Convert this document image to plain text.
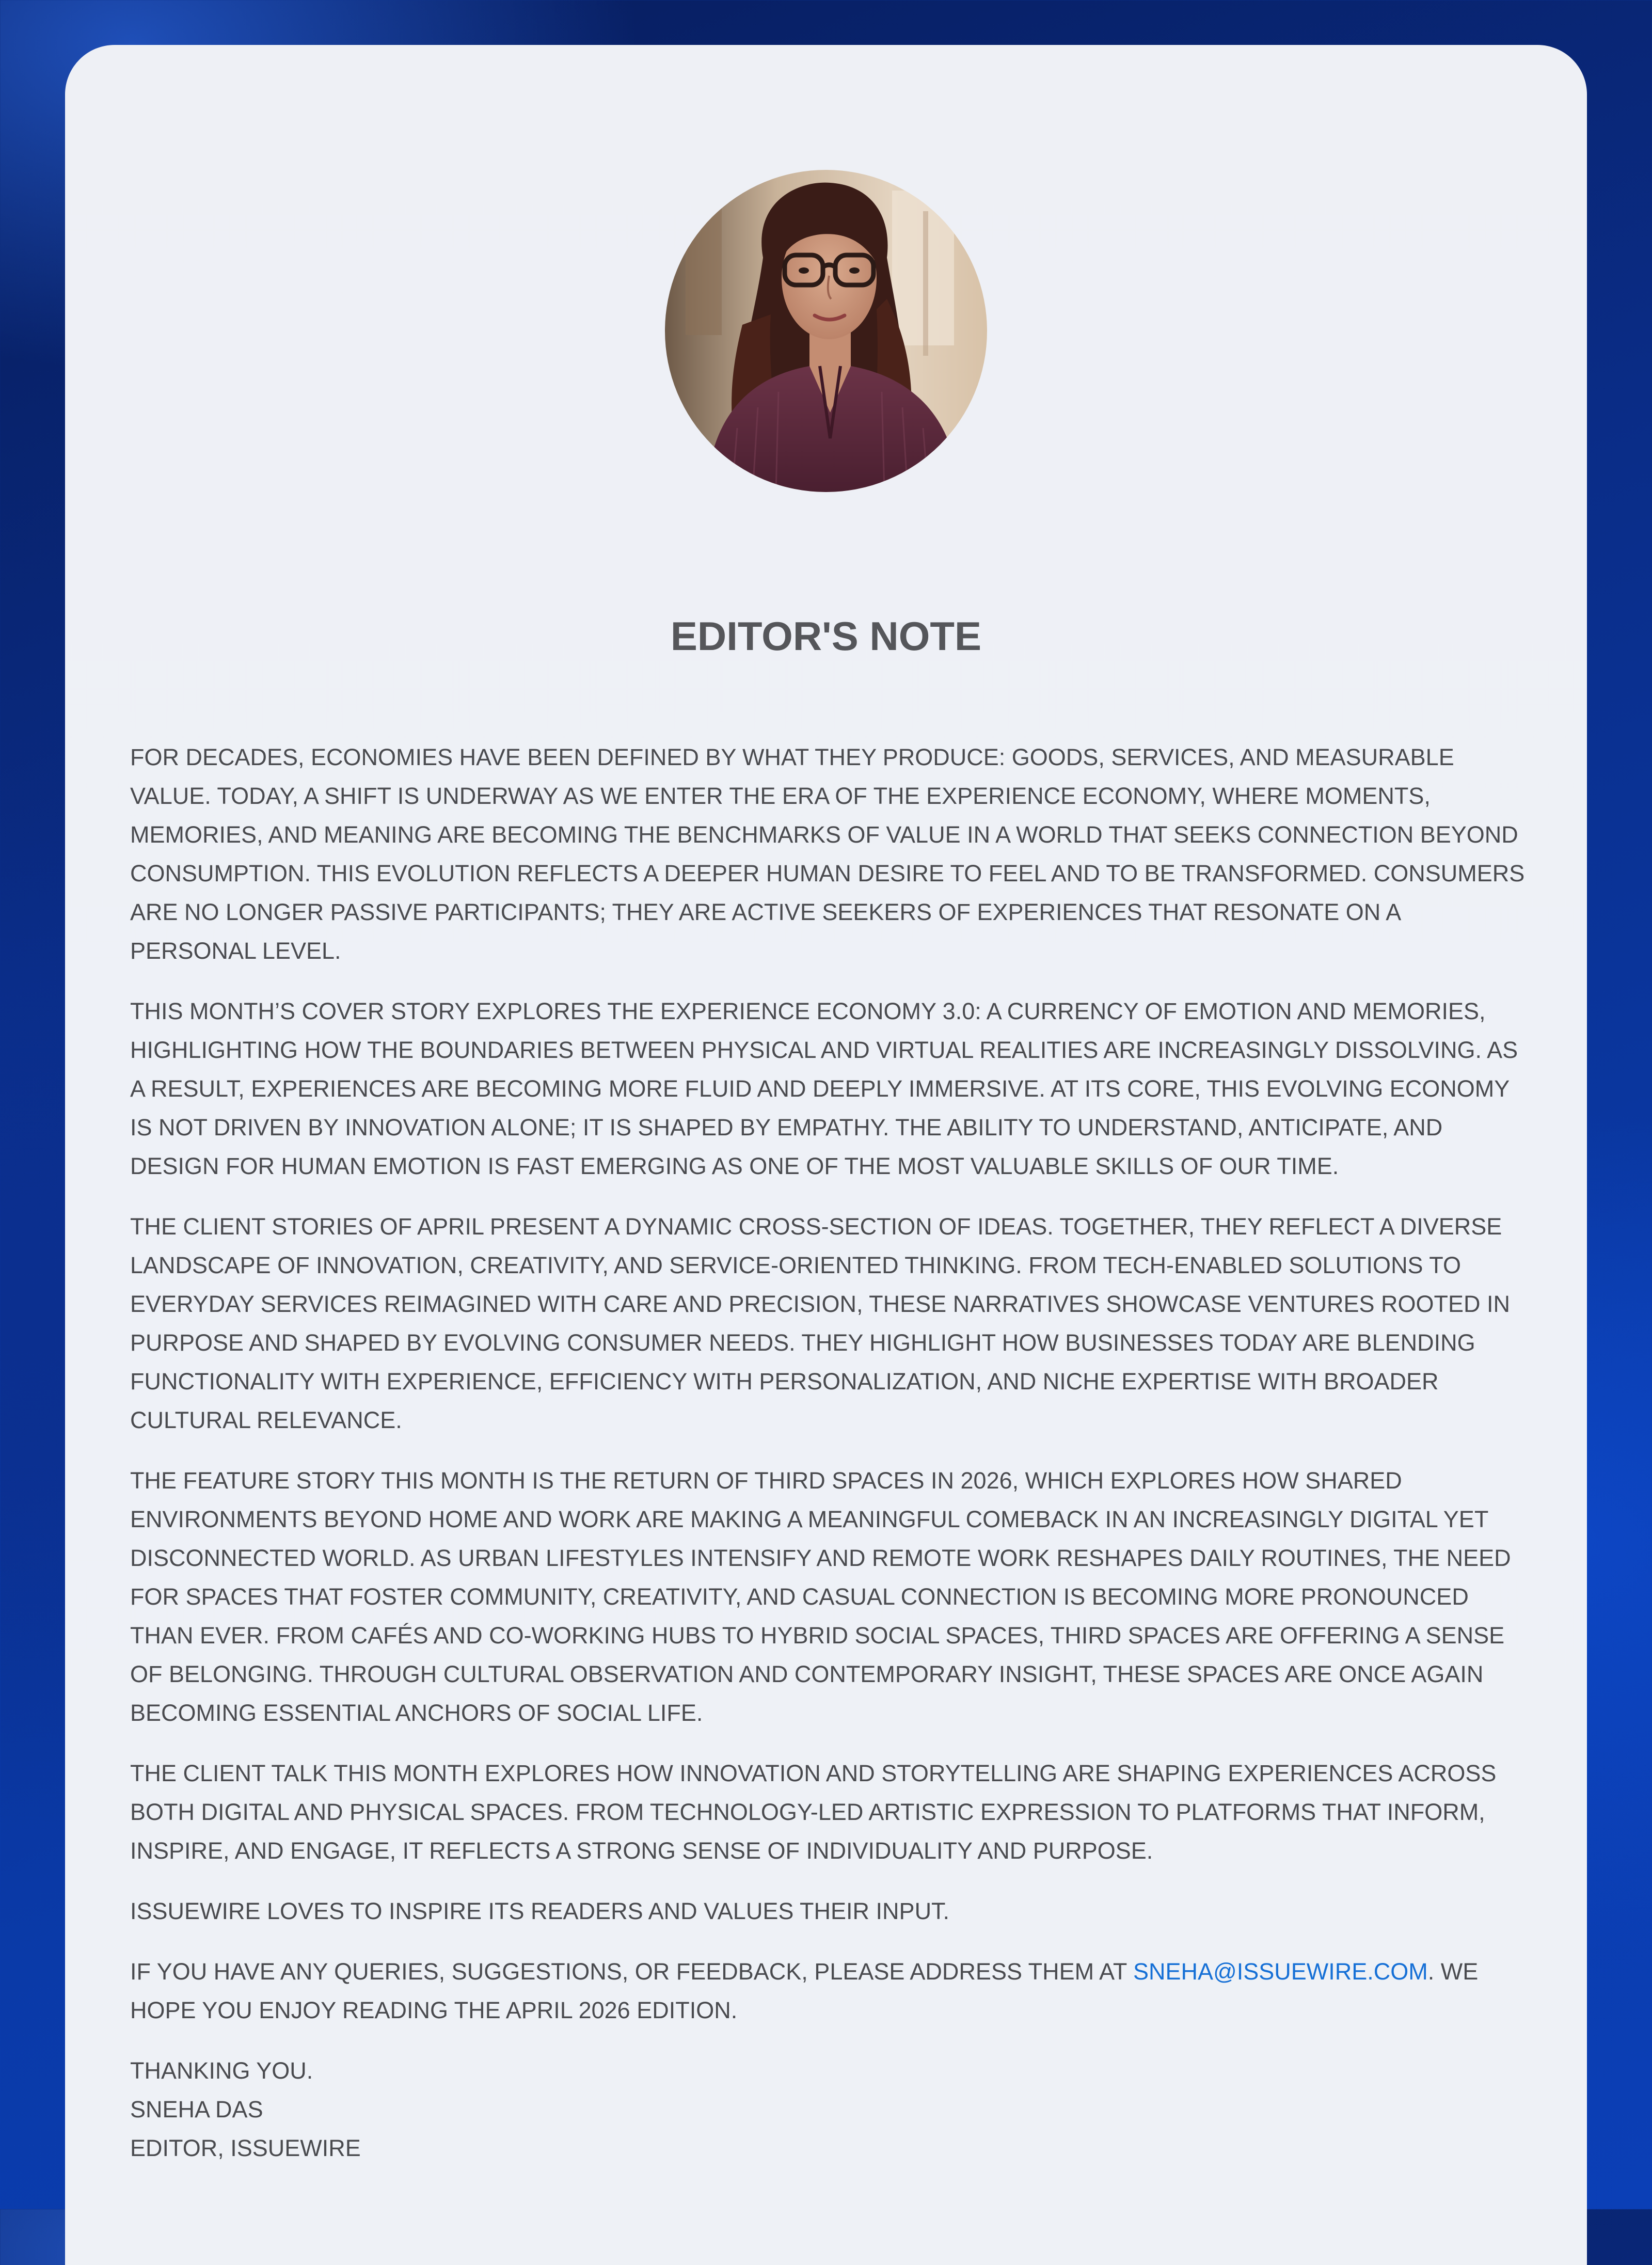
EDITOR'S NOTE

FOR DECADES, ECONOMIES HAVE BEEN DEFINED BY WHAT THEY PRODUCE: GOODS, SERVICES, AND MEASURABLE VALUE. TODAY, A SHIFT IS UNDERWAY AS WE ENTER THE ERA OF THE EXPERIENCE ECONOMY, WHERE MOMENTS, MEMORIES, AND MEANING ARE BECOMING THE BENCHMARKS OF VALUE IN A WORLD THAT SEEKS CONNECTION BEYOND CONSUMPTION. THIS EVOLUTION REFLECTS A DEEPER HUMAN DESIRE TO FEEL AND TO BE TRANSFORMED. CONSUMERS ARE NO LONGER PASSIVE PARTICIPANTS; THEY ARE ACTIVE SEEKERS OF EXPERIENCES THAT RESONATE ON A PERSONAL LEVEL.

THIS MONTH’S COVER STORY EXPLORES THE EXPERIENCE ECONOMY 3.0: A CURRENCY OF EMOTION AND MEMORIES, HIGHLIGHTING HOW THE BOUNDARIES BETWEEN PHYSICAL AND VIRTUAL REALITIES ARE INCREASINGLY DISSOLVING. AS A RESULT, EXPERIENCES ARE BECOMING MORE FLUID AND DEEPLY IMMERSIVE. AT ITS CORE, THIS EVOLVING ECONOMY IS NOT DRIVEN BY INNOVATION ALONE; IT IS SHAPED BY EMPATHY. THE ABILITY TO UNDERSTAND, ANTICIPATE, AND DESIGN FOR HUMAN EMOTION IS FAST EMERGING AS ONE OF THE MOST VALUABLE SKILLS OF OUR TIME.

THE CLIENT STORIES OF APRIL PRESENT A DYNAMIC CROSS-SECTION OF IDEAS. TOGETHER, THEY REFLECT A DIVERSE LANDSCAPE OF INNOVATION, CREATIVITY, AND SERVICE-ORIENTED THINKING. FROM TECH-ENABLED SOLUTIONS TO EVERYDAY SERVICES REIMAGINED WITH CARE AND PRECISION, THESE NARRATIVES SHOWCASE VENTURES ROOTED IN PURPOSE AND SHAPED BY EVOLVING CONSUMER NEEDS. THEY HIGHLIGHT HOW BUSINESSES TODAY ARE BLENDING FUNCTIONALITY WITH EXPERIENCE, EFFICIENCY WITH PERSONALIZATION, AND NICHE EXPERTISE WITH BROADER CULTURAL RELEVANCE.

THE FEATURE STORY THIS MONTH IS THE RETURN OF THIRD SPACES IN 2026, WHICH EXPLORES HOW SHARED ENVIRONMENTS BEYOND HOME AND WORK ARE MAKING A MEANINGFUL COMEBACK IN AN INCREASINGLY DIGITAL YET DISCONNECTED WORLD. AS URBAN LIFESTYLES INTENSIFY AND REMOTE WORK RESHAPES DAILY ROUTINES, THE NEED FOR SPACES THAT FOSTER COMMUNITY, CREATIVITY, AND CASUAL CONNECTION IS BECOMING MORE PRONOUNCED THAN EVER. FROM CAFÉS AND CO-WORKING HUBS TO HYBRID SOCIAL SPACES, THIRD SPACES ARE OFFERING A SENSE OF BELONGING. THROUGH CULTURAL OBSERVATION AND CONTEMPORARY INSIGHT, THESE SPACES ARE ONCE AGAIN BECOMING ESSENTIAL ANCHORS OF SOCIAL LIFE.

THE CLIENT TALK THIS MONTH EXPLORES HOW INNOVATION AND STORYTELLING ARE SHAPING EXPERIENCES ACROSS BOTH DIGITAL AND PHYSICAL SPACES. FROM TECHNOLOGY-LED ARTISTIC EXPRESSION TO PLATFORMS THAT INFORM, INSPIRE, AND ENGAGE, IT REFLECTS A STRONG SENSE OF INDIVIDUALITY AND PURPOSE.

ISSUEWIRE LOVES TO INSPIRE ITS READERS AND VALUES THEIR INPUT.

IF YOU HAVE ANY QUERIES, SUGGESTIONS, OR FEEDBACK, PLEASE ADDRESS THEM AT SNEHA@ISSUEWIRE.COM. WE HOPE YOU ENJOY READING THE APRIL 2026 EDITION.

THANKING YOU.
SNEHA DAS
EDITOR, ISSUEWIRE
